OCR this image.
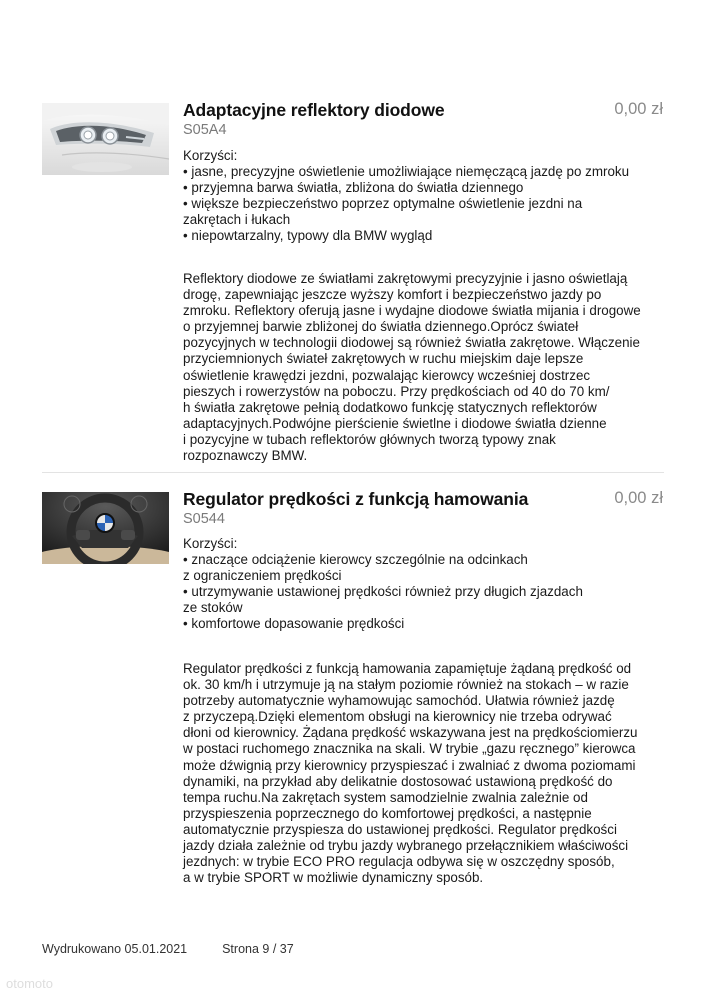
Adaptacyjne reflektory diodowe
S05A4
0,00 zł
Korzyści:
• jasne, precyzyjne oświetlenie umożliwiające niemęczącą jazdę po zmroku
• przyjemna barwa światła, zbliżona do światła dziennego
• większe bezpieczeństwo poprzez optymalne oświetlenie jezdni na
zakrętach i łukach
• niepowtarzalny, typowy dla BMW wygląd
Reflektory diodowe ze światłami zakrętowymi precyzyjnie i jasno oświetlają
drogę, zapewniając jeszcze wyższy komfort i bezpieczeństwo jazdy po
zmroku. Reflektory oferują jasne i wydajne diodowe światła mijania i drogowe
o przyjemnej barwie zbliżonej do światła dziennego.Oprócz świateł
pozycyjnych w technologii diodowej są również światła zakrętowe. Włączenie
przyciemnionych świateł zakrętowych w ruchu miejskim daje lepsze
oświetlenie krawędzi jezdni, pozwalając kierowcy wcześniej dostrzec
pieszych i rowerzystów na poboczu. Przy prędkościach od 40 do 70 km/
h światła zakrętowe pełnią dodatkowo funkcję statycznych reflektorów
adaptacyjnych.Podwójne pierścienie świetlne i diodowe światła dzienne
i pozycyjne w tubach reflektorów głównych tworzą typowy znak
rozpoznawczy BMW.
Regulator prędkości z funkcją hamowania
S0544
0,00 zł
Korzyści:
• znaczące odciążenie kierowcy szczególnie na odcinkach
z ograniczeniem prędkości
• utrzymywanie ustawionej prędkości również przy długich zjazdach
ze stoków
• komfortowe dopasowanie prędkości
Regulator prędkości z funkcją hamowania zapamiętuje żądaną prędkość od
ok. 30 km/h i utrzymuje ją na stałym poziomie również na stokach – w razie
potrzeby automatycznie wyhamowując samochód. Ułatwia również jazdę
z przyczepą.Dzięki elementom obsługi na kierownicy nie trzeba odrywać
dłoni od kierownicy. Żądana prędkość wskazywana jest na prędkościomierzu
w postaci ruchomego znacznika na skali. W trybie „gazu ręcznego” kierowca
może dźwignią przy kierownicy przyspieszać i zwalniać z dwoma poziomami
dynamiki, na przykład aby delikatnie dostosować ustawioną prędkość do
tempa ruchu.Na zakrętach system samodzielnie zwalnia zależnie od
przyspieszenia poprzecznego do komfortowej prędkości, a następnie
automatycznie przyspiesza do ustawionej prędkości. Regulator prędkości
jazdy działa zależnie od trybu jazdy wybranego przełącznikiem właściwości
jezdnych: w trybie ECO PRO regulacja odbywa się w oszczędny sposób,
a w trybie SPORT w możliwie dynamiczny sposób.
Wydrukowano 05.01.2021	Strona 9 / 37
otomoto
